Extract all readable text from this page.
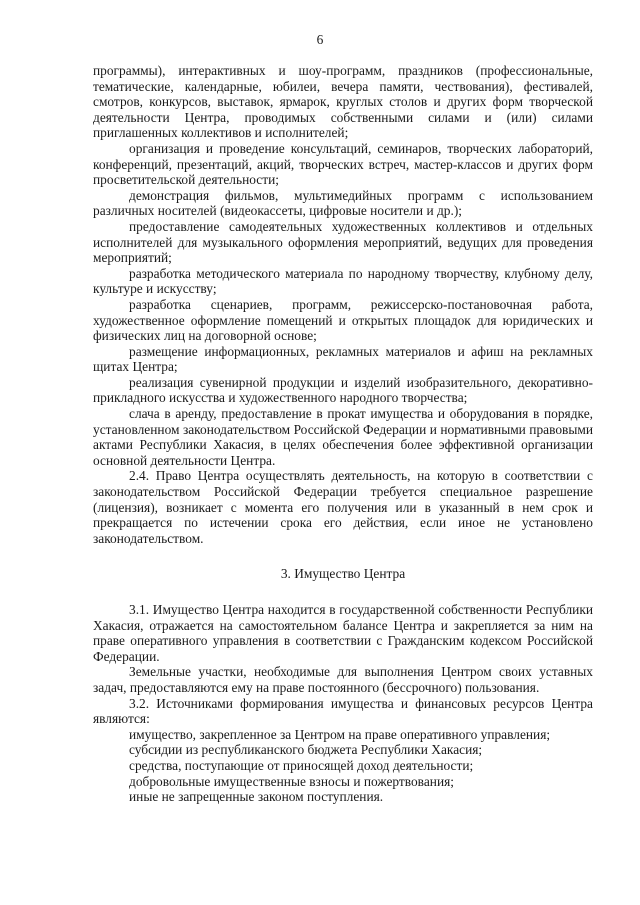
6

программы), интерактивных и шоу-программ, праздников (профессиональные, тематические, календарные, юбилеи, вечера памяти, чествования), фестивалей, смотров, конкурсов, выставок, ярмарок, круглых столов и других форм творческой деятельности Центра, проводимых собственными силами и (или) силами приглашенных коллективов и исполнителей;

организация и проведение консультаций, семинаров, творческих лабораторий, конференций, презентаций, акций, творческих встреч, мастер-классов и других форм просветительской деятельности;

демонстрация фильмов, мультимедийных программ с использованием различных носителей (видеокассеты, цифровые носители и др.);

предоставление самодеятельных художественных коллективов и отдельных исполнителей для музыкального оформления мероприятий, ведущих для проведения мероприятий;

разработка методического материала по народному творчеству, клубному делу, культуре и искусству;

разработка сценариев, программ, режиссерско-постановочная работа, художественное оформление помещений и открытых площадок для юридических и физических лиц на договорной основе;

размещение информационных, рекламных материалов и афиш на рекламных щитах Центра;

реализация сувенирной продукции и изделий изобразительного, декоративно-прикладного искусства и художественного народного творчества;

слача в аренду, предоставление в прокат имущества и оборудования в порядке, установленном законодательством Российской Федерации и нормативными правовыми актами Республики Хакасия, в целях обеспечения более эффективной организации основной деятельности Центра.

2.4. Право Центра осуществлять деятельность, на которую в соответствии с законодательством Российской Федерации требуется специальное разрешение (лицензия), возникает с момента его получения или в указанный в нем срок и прекращается по истечении срока его действия, если иное не установлено законодательством.

3. Имущество Центра

3.1. Имущество Центра находится в государственной собственности Республики Хакасия, отражается на самостоятельном балансе Центра и закрепляется за ним на праве оперативного управления в соответствии с Гражданским кодексом Российской Федерации.

Земельные участки, необходимые для выполнения Центром своих уставных задач, предоставляются ему на праве постоянного (бессрочного) пользования.

3.2. Источниками формирования имущества и финансовых ресурсов Центра являются:

имущество, закрепленное за Центром на праве оперативного управления;

субсидии из республиканского бюджета Республики Хакасия;

средства, поступающие от приносящей доход деятельности;

добровольные имущественные взносы и пожертвования;

иные не запрещенные законом поступления.
